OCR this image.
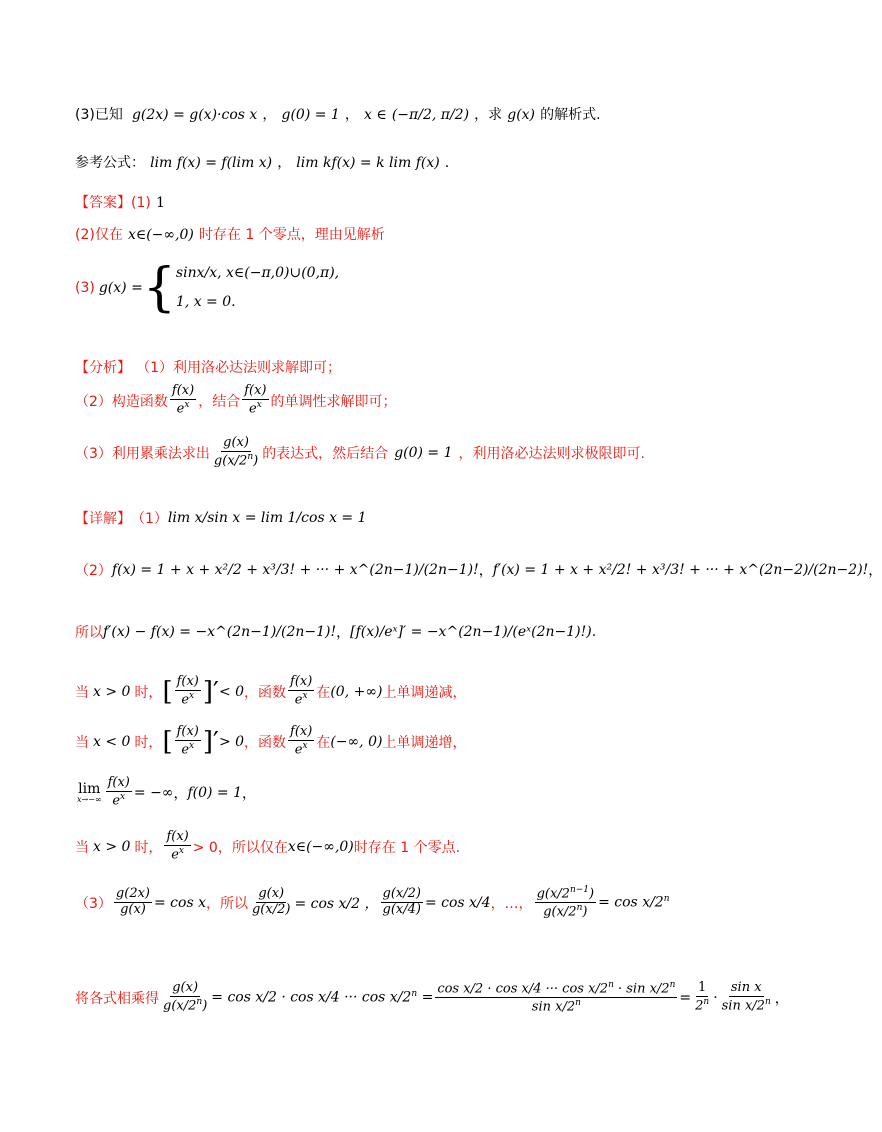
(3)已知 g(2x) = g(x)·cos x ， g(0) = 1 ， x ∈ (−π/2, π/2) ，求 g(x) 的解析式.
参考公式： lim f(x) = f(lim x) ， lim kf(x) = k lim f(x) .
【答案】(1) 1
(2)仅在 x∈(−∞,0) 时存在 1 个零点，理由见解析
(3) g(x) = { sinx/x, x∈(−π,0)∪(0,π),
1, x = 0.
【分析】 （1）利用洛必达法则求解即可；
（2）构造函数 $\frac{f(x)}{e^x}$ ，结合 $\frac{f(x)}{e^x}$ 的单调性求解即可；
（3）利用累乘法求出 $\frac{g(x)}{g(x/2^n)}$ 的表达式，然后结合 g(0) = 1 ，利用洛必达法则求极限即可.
【详解】 （1） lim x/sin x = lim 1/cos x = 1
（2） f(x) = 1 + x + x²/2 + x³/3! + ··· + x^(2n−1)/(2n−1)! ， f′(x) = 1 + x + x²/2! + x³/3! + ··· + x^(2n−2)/(2n−2)! ，
所以 f′(x) − f(x) = −x^(2n−1)/(2n−1)! ， [f(x)/eˣ]′ = −x^(2n−1)/(eˣ(2n−1)!) .
当 x > 0 时， [ $\frac{f(x)}{e^x}$ ]′ < 0 ，函数 $\frac{f(x)}{e^x}$ 在 (0, +∞) 上单调递减，
当 x < 0 时， [ $\frac{f(x)}{e^x}$ ]′ > 0 ，函数 $\frac{f(x)}{e^x}$ 在 (−∞, 0) 上单调递增，
lim
$x\to-\infty \frac{f(x)}{e^x}$ = −∞ ， f(0) = 1 ，
当 x > 0 时， $\frac{f(x)}{e^x} > 0$，所以仅在 x∈(−∞,0) 时存在 1 个零点.
$(3) \frac{g(2x)}{g(x)} = \cos x$ ，所以 $\frac{g(x)}{g(x/2)} = \cos x/2$ ， $\frac{g(x/2)}{g(x/4)} = \cos x/4$ ，…， $\frac{g(x/2^{n-1})}{g(x/2^n)} = \cos x/2^n$
将各式相乘得 $\frac{g(x)}{g(x/2^n)} = \cos x/2 \cdot \cos x/4$ ··· $\cos x/2^n = \frac{\cos x/2 \cdot \cos x/4 \cdot\cdot\cdot \cos x/2^n \cdot \sin x/2^n}{\sin x/2^n} = \frac{1}{2^n} \cdot \frac{\text{sin x}}{\sin x/2^n}$ ，
